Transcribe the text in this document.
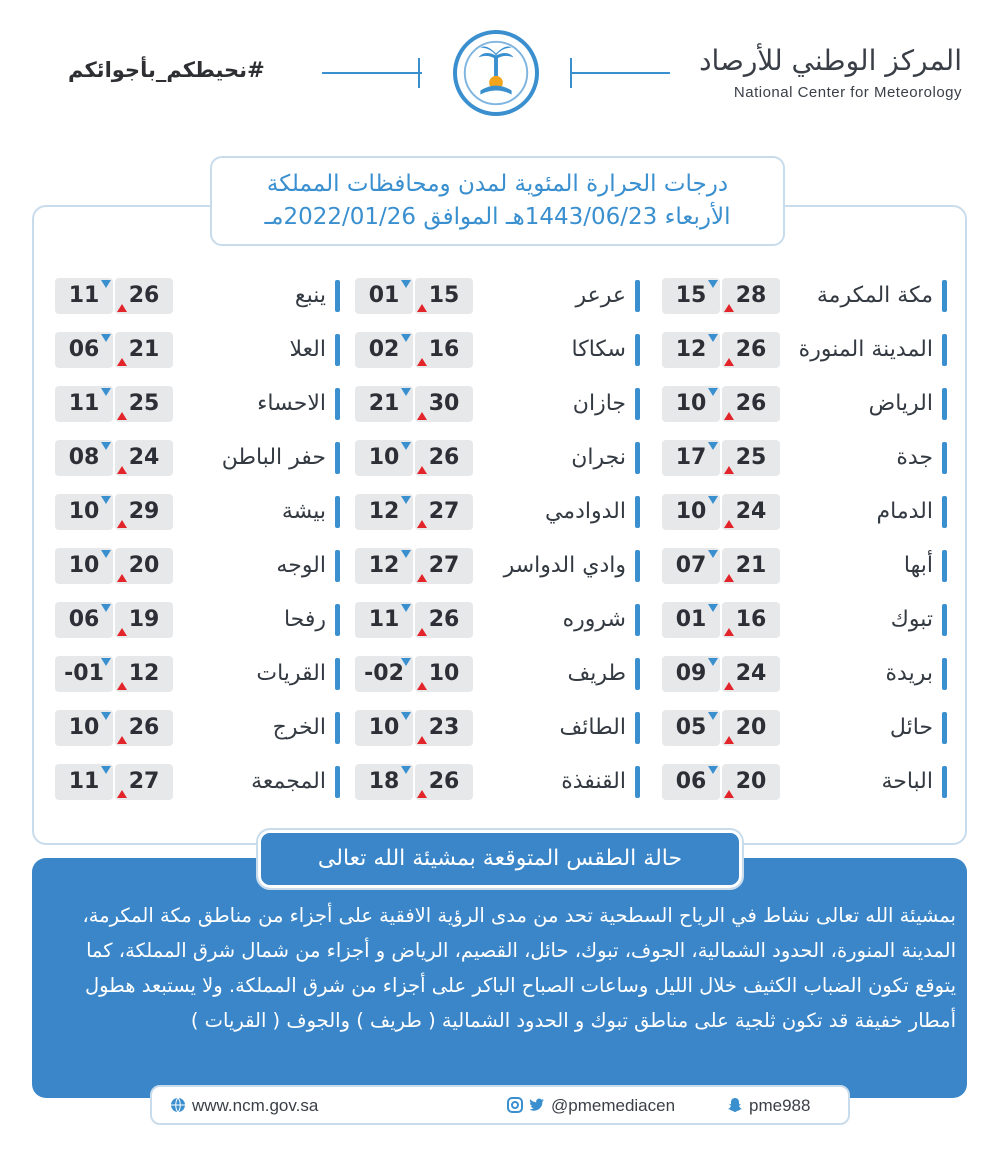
المركز الوطني للأرصاد
National Center for Meteorology
#نحيطكم_بأجوائكم
درجات الحرارة المئوية لمدن ومحافظات المملكة
الأربعاء 1443/06/23هـ الموافق 2022/01/26مـ
15	28	مكة المكرمة
12	26	المدينة المنورة
10	26	الرياض
17	25	جدة
10	24	الدمام
07	21	أبها
01	16	تبوك
09	24	بريدة
05	20	حائل
06	20	الباحة
01	15	عرعر
02	16	سكاكا
21	30	جازان
10	26	نجران
12	27	الدوادمي
12	27	وادي الدواسر
11	26	شروره
-02	10	طريف
10	23	الطائف
18	26	القنفذة
11	26	ينبع
06	21	العلا
11	25	الاحساء
08	24	حفر الباطن
10	29	بيشة
10	20	الوجه
06	19	رفحا
-01	12	القريات
10	26	الخرج
11	27	المجمعة
حالة الطقس المتوقعة بمشيئة الله تعالى
بمشيئة الله تعالى نشاط في الرياح السطحية تحد من مدى الرؤية الافقية على أجزاء من مناطق مكة المكرمة، المدينة المنورة، الحدود الشمالية، الجوف، تبوك، حائل، القصيم، الرياض و أجزاء من شمال شرق المملكة، كما يتوقع تكون الضباب الكثيف خلال الليل وساعات الصباح الباكر على أجزاء من شرق المملكة. ولا يستبعد هطول أمطار خفيفة قد تكون ثلجية على مناطق تبوك و الحدود الشمالية ( طريف ) والجوف ( القريات )
www.ncm.gov.sa	@pmemediacen	pme988
